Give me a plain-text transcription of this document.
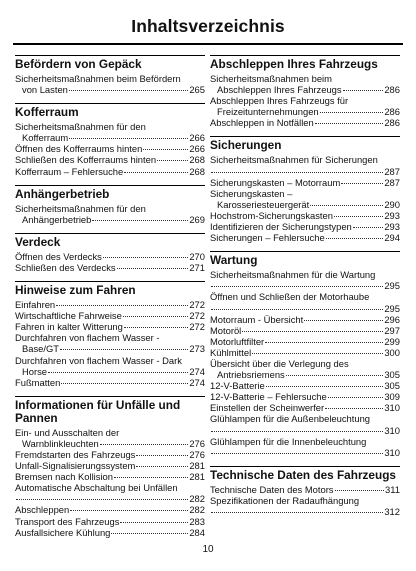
Inhaltsverzeichnis
Befördern von Gepäck
Sicherheitsmaßnahmen beim Befördern
von Lasten	265
Kofferraum
Sicherheitsmaßnahmen für den
Kofferraum	266
Öffnen des Kofferraums hinten	266
Schließen des Kofferraums hinten	268
Kofferraum – Fehlersuche	268
Anhängerbetrieb
Sicherheitsmaßnahmen für den
Anhängerbetrieb	269
Verdeck
Öffnen des Verdecks	270
Schließen des Verdecks	271
Hinweise zum Fahren
Einfahren	272
Wirtschaftliche Fahrweise	272
Fahren in kalter Witterung	272
Durchfahren von flachem Wasser -
Base/GT	273
Durchfahren von flachem Wasser - Dark
Horse	274
Fußmatten	274
Informationen für Unfälle und Pannen
Ein- und Ausschalten der
Warnblinkleuchten	276
Fremdstarten des Fahrzeugs	276
Unfall-Signalisierungssystem	281
Bremsen nach Kollision	281
Automatische Abschaltung bei Unfällen
282
Abschleppen	282
Transport des Fahrzeugs	283
Ausfallsichere Kühlung	284
Abschleppen Ihres Fahrzeugs
Sicherheitsmaßnahmen beim
Abschleppen Ihres Fahrzeugs	286
Abschleppen Ihres Fahrzeugs für
Freizeitunternehmungen	286
Abschleppen in Notfällen	286
Sicherungen
Sicherheitsmaßnahmen für Sicherungen
287
Sicherungskasten – Motorraum	287
Sicherungskasten –
Karosseriesteuergerät	290
Hochstrom-Sicherungskasten	293
Identifizieren der Sicherungstypen	293
Sicherungen – Fehlersuche	294
Wartung
Sicherheitsmaßnahmen für die Wartung
295
Öffnen und Schließen der Motorhaube
295
Motorraum - Übersicht	296
Motoröl	297
Motorluftfilter	299
Kühlmittel	300
Übersicht über die Verlegung des
Antriebsriemens	305
12-V-Batterie	305
12-V-Batterie – Fehlersuche	309
Einstellen der Scheinwerfer	310
Glühlampen für die Außenbeleuchtung
310
Glühlampen für die Innenbeleuchtung
310
Technische Daten des Fahrzeugs
Technische Daten des Motors	311
Spezifikationen der Radaufhängung
312
10
